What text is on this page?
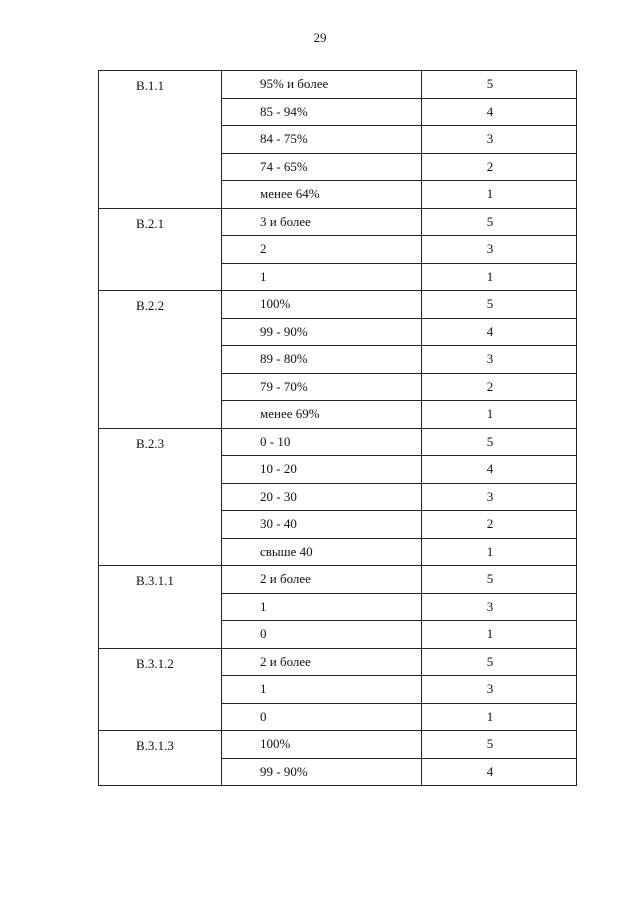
29
В.1.1	95% и более	5
	85 - 94%	4
	84 - 75%	3
	74 - 65%	2
	менее 64%	1
В.2.1	3 и более	5
	2	3
	1	1
В.2.2	100%	5
	99 - 90%	4
	89 - 80%	3
	79 - 70%	2
	менее 69%	1
В.2.3	0 - 10	5
	10 - 20	4
	20 - 30	3
	30 - 40	2
	свыше 40	1
В.3.1.1	2 и более	5
	1	3
	0	1
В.3.1.2	2 и более	5
	1	3
	0	1
В.3.1.3	100%	5
	99 - 90%	4
